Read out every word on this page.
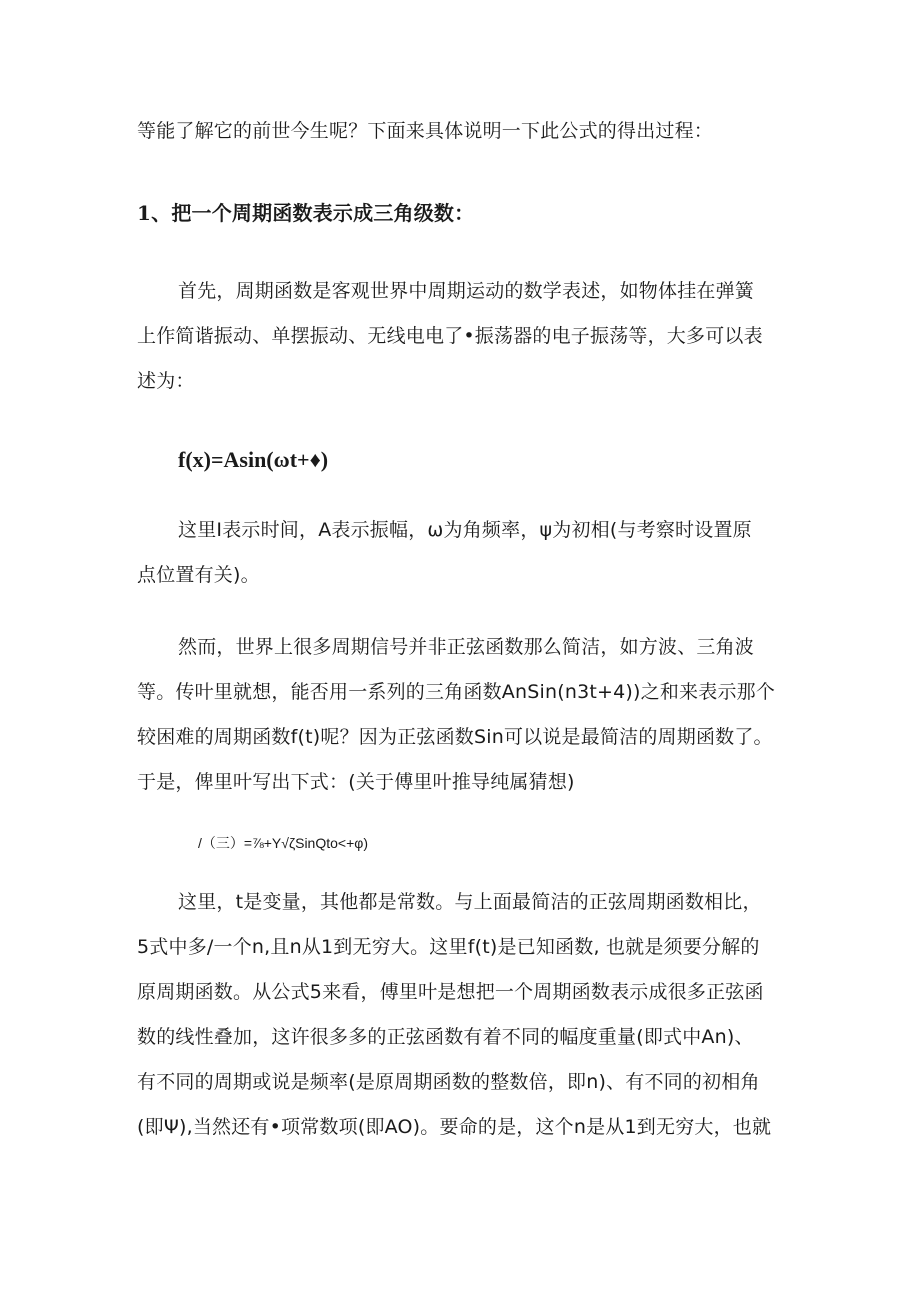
等能了解它的前世今生呢？下面来具体说明一下此公式的得出过程：
1、把一个周期函数表示成三角级数：
首先，周期函数是客观世界中周期运动的数学表述，如物体挂在弹簧
上作简谐振动、单摆振动、无线电电了•振荡器的电子振荡等，大多可以表
述为：
f(x)=Asin(ωt+♦)
这里I表示时间，A表示振幅，ω为角频率，ψ为初相(与考察时设置原
点位置有关)。
然而，世界上很多周期信号并非正弦函数那么简洁，如方波、三角波
等。传叶里就想，能否用一系列的三角函数AnSin(n3t+4))之和来表示那个
较困难的周期函数f(t)呢？因为正弦函数Sin可以说是最简洁的周期函数了。
于是，俾里叶写出下式：(关于傅里叶推导纯属猜想)
/（三）=⅞+Y√ζSinQto<+φ)
这里，t是变量，其他都是常数。与上面最简洁的正弦周期函数相比，
5式中多/一个n,且n从1到无穷大。这里f(t)是已知函数, 也就是须要分解的
原周期函数。从公式5来看，傅里叶是想把一个周期函数表示成很多正弦函
数的线性叠加，这许很多多的正弦函数有着不同的幅度重量(即式中An)、
有不同的周期或说是频率(是原周期函数的整数倍，即n)、有不同的初相角
(即Ψ),当然还有•项常数项(即AO)。要命的是，这个n是从1到无穷大，也就
